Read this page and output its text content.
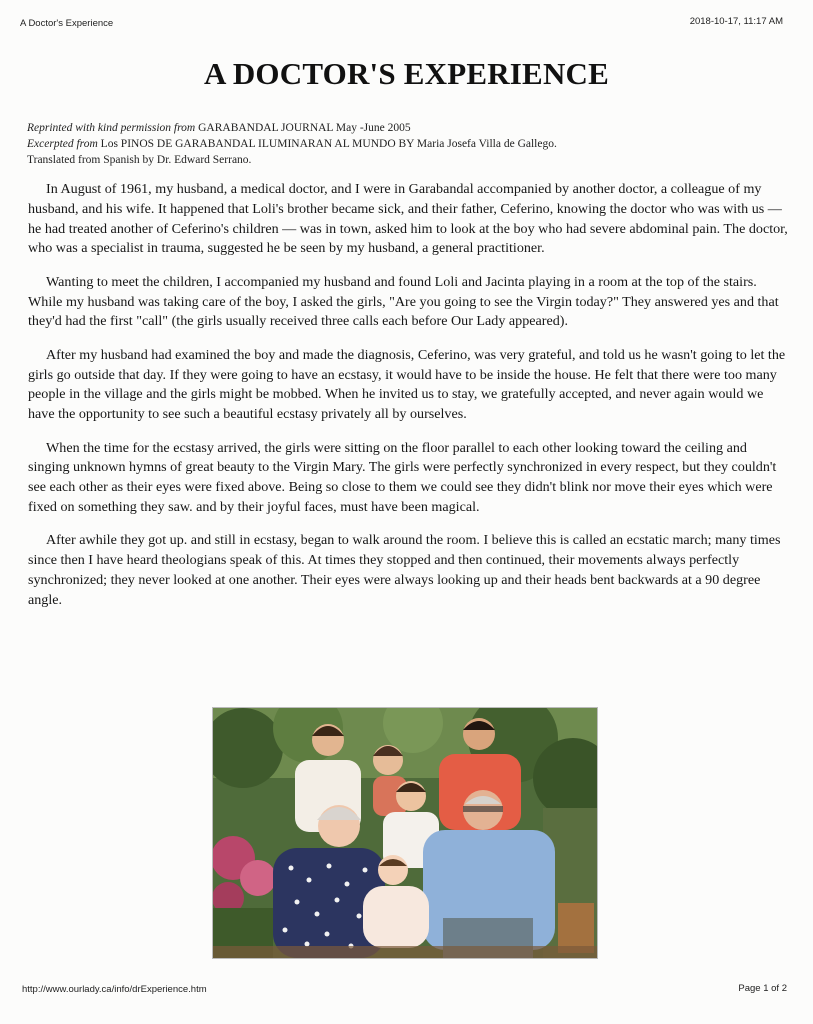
A Doctor's Experience	2018-10-17, 11:17 AM
A DOCTOR'S EXPERIENCE
Reprinted with kind permission from GARABANDAL JOURNAL May -June 2005
Excerpted from Los PINOS DE GARABANDAL ILUMINARAN AL MUNDO BY Maria Josefa Villa de Gallego.
Translated from Spanish by Dr. Edward Serrano.

In August of 1961, my husband, a medical doctor, and I were in Garabandal accompanied by another doctor, a colleague of my husband, and his wife. It happened that Loli's brother became sick, and their father, Ceferino, knowing the doctor who was with us — he had treated another of Ceferino's children — was in town, asked him to look at the boy who had severe abdominal pain. The doctor, who was a specialist in trauma, suggested he be seen by my husband, a general practitioner.

Wanting to meet the children, I accompanied my husband and found Loli and Jacinta playing in a room at the top of the stairs. While my husband was taking care of the boy, I asked the girls, "Are you going to see the Virgin today?" They answered yes and that they'd had the first "call" (the girls usually received three calls each before Our Lady appeared).

After my husband had examined the boy and made the diagnosis, Ceferino, was very grateful, and told us he wasn't going to let the girls go outside that day. If they were going to have an ecstasy, it would have to be inside the house. He felt that there were too many people in the village and the girls might be mobbed. When he invited us to stay, we gratefully accepted, and never again would we have the opportunity to see such a beautiful ecstasy privately all by ourselves.

When the time for the ecstasy arrived, the girls were sitting on the floor parallel to each other looking toward the ceiling and singing unknown hymns of great beauty to the Virgin Mary. The girls were perfectly synchronized in every respect, but they couldn't see each other as their eyes were fixed above. Being so close to them we could see they didn't blink nor move their eyes which were fixed on something they saw. and by their joyful faces, must have been magical.

After awhile they got up. and still in ecstasy, began to walk around the room. I believe this is called an ecstatic march; many times since then I have heard theologians speak of this. At times they stopped and then continued, their movements always perfectly synchronized; they never looked at one another. Their eyes were always looking up and their heads bent backwards at a 90 degree angle.

http://www.ourlady.ca/info/drExperience.htm	Page 1 of 2
